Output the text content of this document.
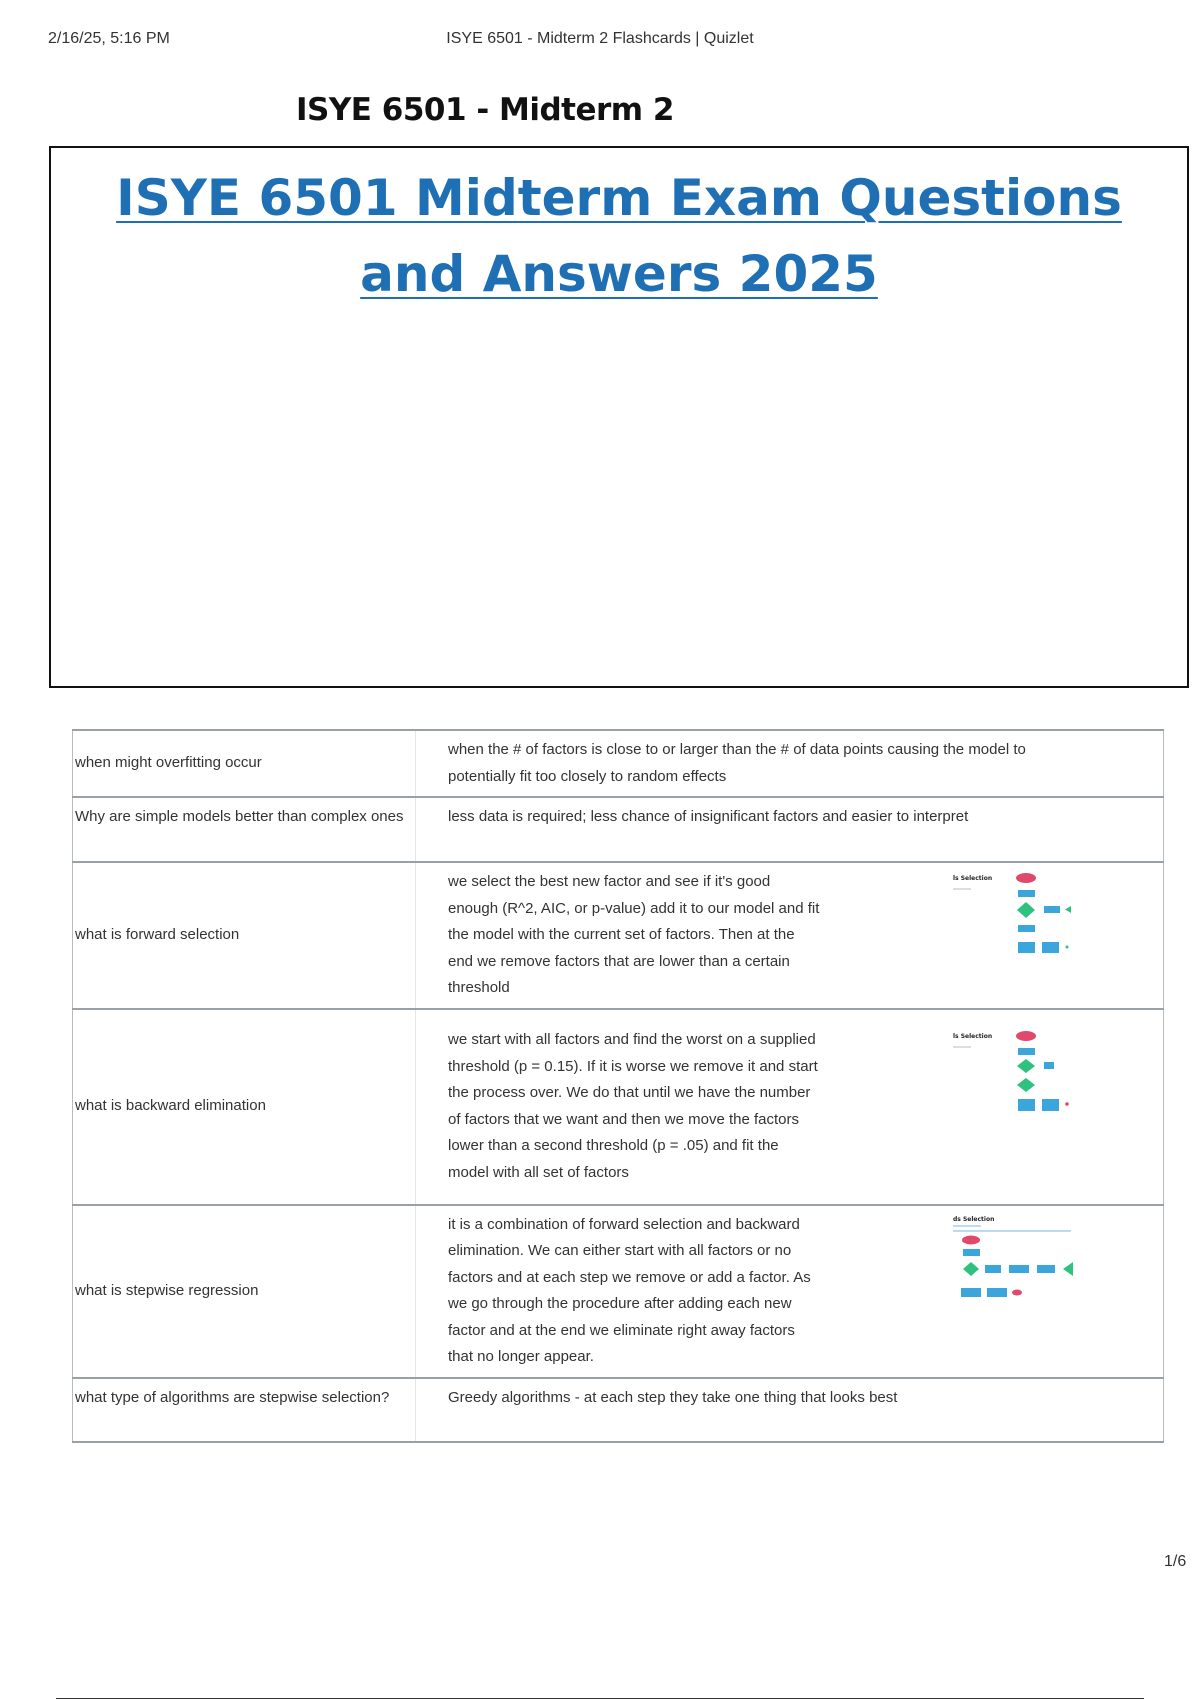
2/16/25, 5:16 PM	ISYE 6501 - Midterm 2 Flashcards | Quizlet
ISYE 6501 - Midterm 2
ISYE 6501 Midterm Exam Questions
and Answers 2025
when might overfitting occur	when the # of factors is close to or larger than the # of data points causing the model to potentially fit too closely to random effects

Why are simple models better than complex ones	less data is required; less chance of insignificant factors and easier to interpret

what is forward selection	we select the best new factor and see if it's good enough (R^2, AIC, or p-value) add it to our model and fit the model with the current set of factors. Then at the end we remove factors that are lower than a certain threshold
ls Selection

what is backward elimination	we start with all factors and find the worst on a supplied threshold (p = 0.15). If it is worse we remove it and start the process over. We do that until we have the number of factors that we want and then we move the factors lower than a second threshold (p = .05) and fit the model with all set of factors
ls Selection

what is stepwise regression	it is a combination of forward selection and backward elimination. We can either start with all factors or no factors and at each step we remove or add a factor. As we go through the procedure after adding each new factor and at the end we eliminate right away factors that no longer appear.
ds Selection

what type of algorithms are stepwise selection?	Greedy algorithms - at each step they take one thing that looks best
1/6
